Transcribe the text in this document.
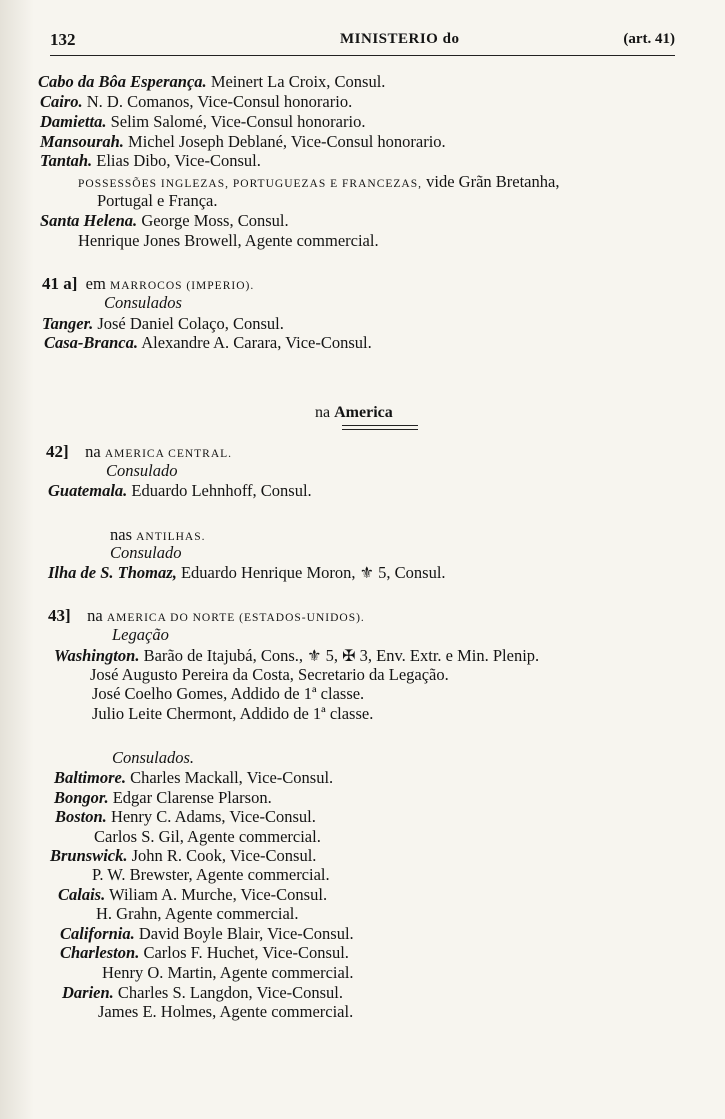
132	MINISTERIO do	(art. 41)
Cabo da Bôa Esperança. Meinert La Croix, Consul.
Cairo. N. D. Comanos, Vice-Consul honorario.
Damietta. Selim Salomé, Vice-Consul honorario.
Mansourah. Michel Joseph Deblané, Vice-Consul honorario.
Tantah. Elias Dibo, Vice-Consul.
POSSESSÕES INGLEZAS, PORTUGUEZAS E FRANCEZAS, vide Grãn Bretanha,
Portugal e França.
Santa Helena. George Moss, Consul.
Henrique Jones Browell, Agente commercial.
41 a] em MARROCOS (IMPERIO).
Consulados
Tanger. José Daniel Colaço, Consul.
Casa-Branca. Alexandre A. Carara, Vice-Consul.
na America
42] na AMERICA CENTRAL.
Consulado
Guatemala. Eduardo Lehnhoff, Consul.
nas ANTILHAS.
Consulado
Ilha de S. Thomaz, Eduardo Henrique Moron, ⚜ 5, Consul.
43] na AMERICA DO NORTE (ESTADOS-UNIDOS).
Legação
Washington. Barão de Itajubá, Cons., ⚜ 5, ✠ 3, Env. Extr. e Min. Plenip.
José Augusto Pereira da Costa, Secretario da Legação.
José Coelho Gomes, Addido de 1ª classe.
Julio Leite Chermont, Addido de 1ª classe.
Consulados.
Baltimore. Charles Mackall, Vice-Consul.
Bongor. Edgar Clarense Plarson.
Boston. Henry C. Adams, Vice-Consul.
Carlos S. Gil, Agente commercial.
Brunswick. John R. Cook, Vice-Consul.
P. W. Brewster, Agente commercial.
Calais. Wiliam A. Murche, Vice-Consul.
H. Grahn, Agente commercial.
California. David Boyle Blair, Vice-Consul.
Charleston. Carlos F. Huchet, Vice-Consul.
Henry O. Martin, Agente commercial.
Darien. Charles S. Langdon, Vice-Consul.
James E. Holmes, Agente commercial.
